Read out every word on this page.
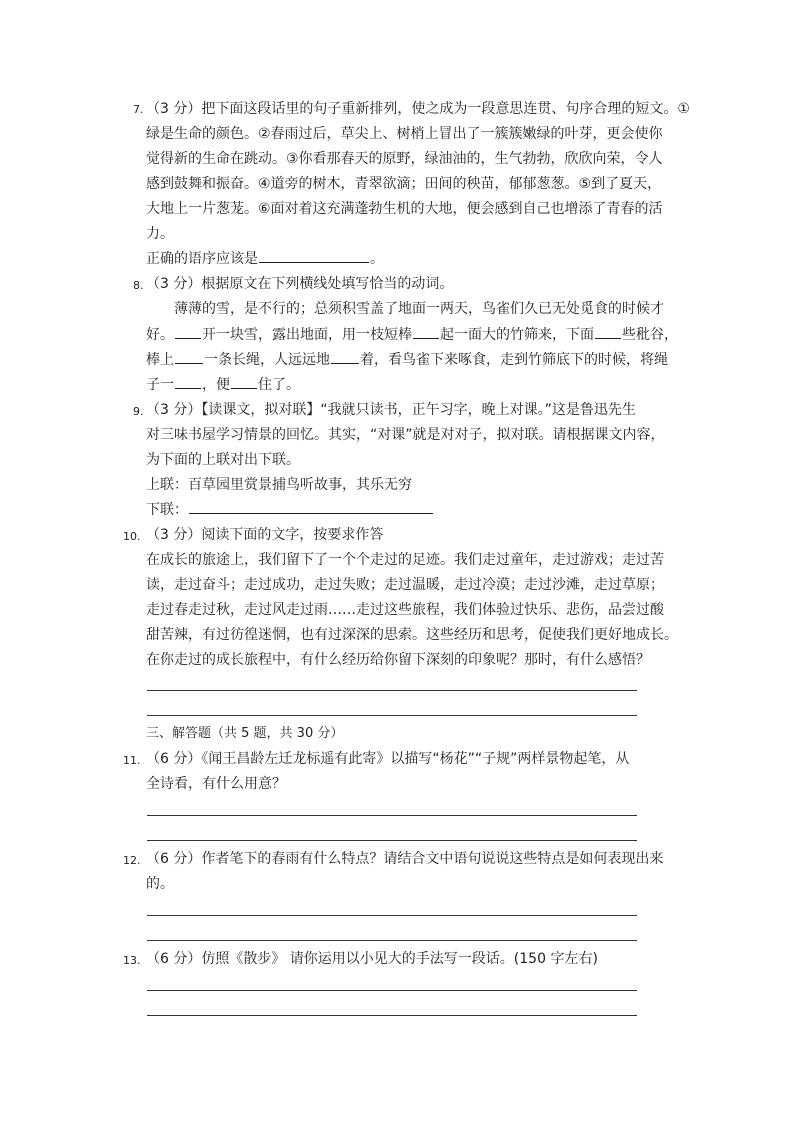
7. （3 分）把下面这段话里的句子重新排列，使之成为一段意思连贯、句序合理的短文。①
绿是生命的颜色。②春雨过后，草尖上、树梢上冒出了一簇簇嫩绿的叶芽，更会使你
觉得新的生命在跳动。③你看那春天的原野，绿油油的，生气勃勃，欣欣向荣，令人
感到鼓舞和振奋。④道旁的树木，青翠欲滴；田间的秧苗，郁郁葱葱。⑤到了夏天，
大地上一片葱茏。⑥面对着这充满蓬勃生机的大地，便会感到自己也增添了青春的活
力。
正确的语序应该是	。
8. （3 分）根据原文在下列横线处填写恰当的动词。
薄薄的雪，是不行的；总须积雪盖了地面一两天，鸟雀们久已无处觅食的时候才
好。 开一块雪，露出地面，用一枝短棒 起一面大的竹筛来，下面 些秕谷，
棒上 一条长绳，人远远地 着，看鸟雀下来啄食，走到竹筛底下的时候，将绳
子一 ，便 住了。
9. （3 分）【读课文，拟对联】“我就只读书，正午习字，晚上对课。”这是鲁迅先生
对三味书屋学习情景的回忆。其实，“对课”就是对对子，拟对联。请根据课文内容，
为下面的上联对出下联。
上联：百草园里赏景捕鸟听故事，其乐无穷
下联：
10. （3 分）阅读下面的文字，按要求作答
在成长的旅途上，我们留下了一个个走过的足迹。我们走过童年，走过游戏；走过苦
读，走过奋斗；走过成功，走过失败；走过温暖，走过冷漠；走过沙滩，走过草原；
走过春走过秋，走过风走过雨……走过这些旅程，我们体验过快乐、悲伤，品尝过酸
甜苦辣，有过彷徨迷惘，也有过深深的思索。这些经历和思考，促使我们更好地成长。
在你走过的成长旅程中，有什么经历给你留下深刻的印象呢？那时，有什么感悟？
三、解答题（共 5 题，共 30 分）
11. （6 分）《闻王昌龄左迁龙标遥有此寄》以描写“杨花”“子规”两样景物起笔，从
全诗看，有什么用意？
12. （6 分）作者笔下的春雨有什么特点？请结合文中语句说说这些特点是如何表现出来
的。
13. （6 分）仿照《散步》 请你运用以小见大的手法写一段话。(150 字左右)
